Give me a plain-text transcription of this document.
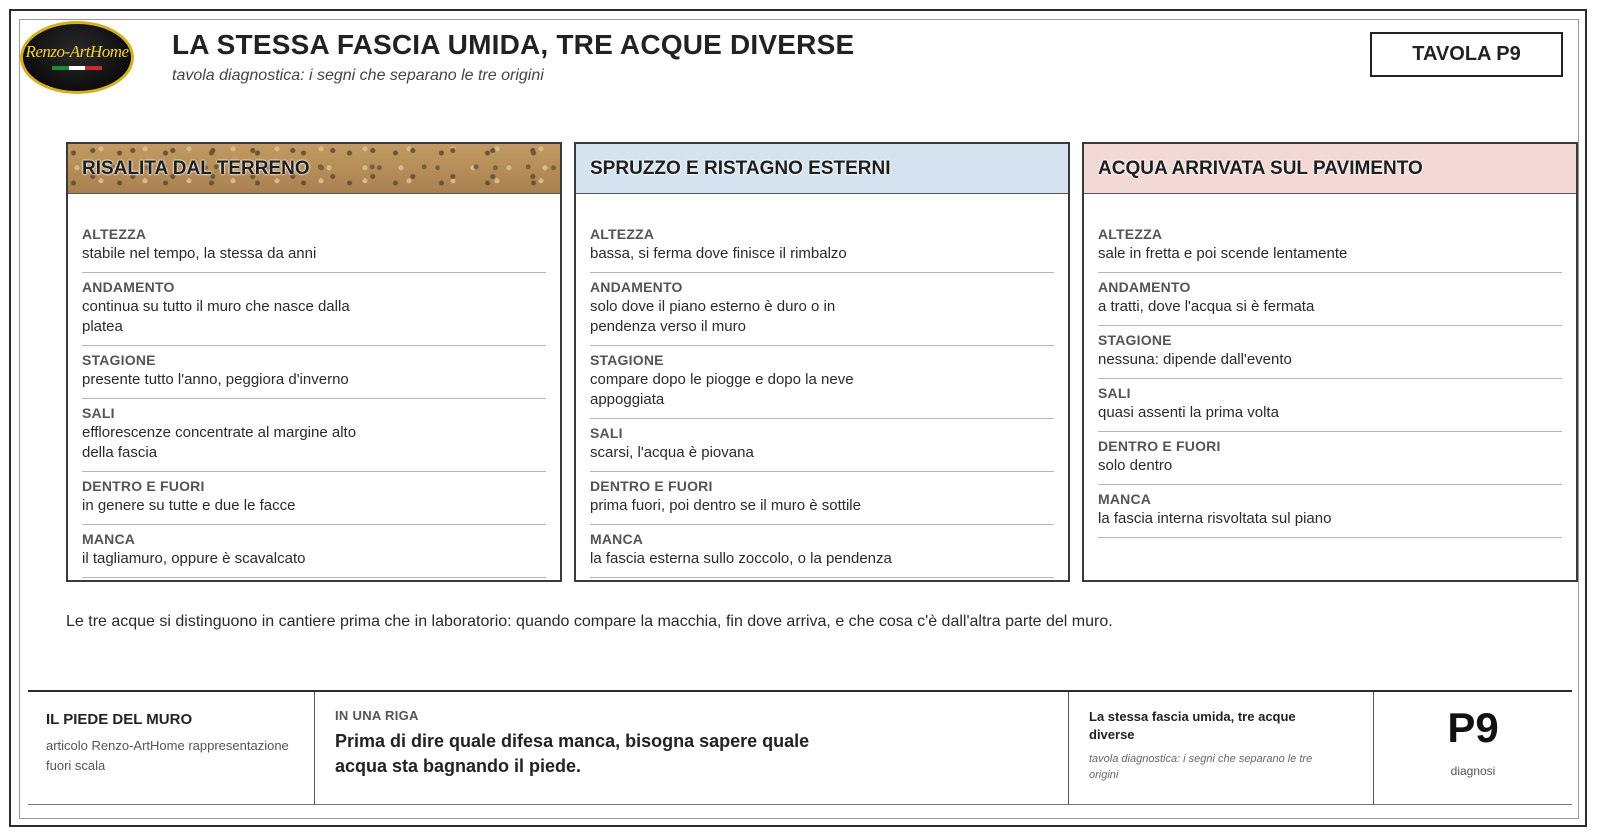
Renzo-ArtHome LA STESSA FASCIA UMIDA, TRE ACQUE DIVERSE
tavola diagnostica: i segni che separano le tre origini
TAVOLA P9
RISALITA DAL TERRENO
ALTEZZA
stabile nel tempo, la stessa da anni
ANDAMENTO
continua su tutto il muro che nasce dalla platea
STAGIONE
presente tutto l'anno, peggiora d'inverno
SALI
efflorescenze concentrate al margine alto della fascia
DENTRO E FUORI
in genere su tutte e due le facce
MANCA
il tagliamuro, oppure è scavalcato
SPRUZZO E RISTAGNO ESTERNI
ALTEZZA
bassa, si ferma dove finisce il rimbalzo
ANDAMENTO
solo dove il piano esterno è duro o in pendenza verso il muro
STAGIONE
compare dopo le piogge e dopo la neve appoggiata
SALI
scarsi, l'acqua è piovana
DENTRO E FUORI
prima fuori, poi dentro se il muro è sottile
MANCA
la fascia esterna sullo zoccolo, o la pendenza
ACQUA ARRIVATA SUL PAVIMENTO
ALTEZZA
sale in fretta e poi scende lentamente
ANDAMENTO
a tratti, dove l'acqua si è fermata
STAGIONE
nessuna: dipende dall'evento
SALI
quasi assenti la prima volta
DENTRO E FUORI
solo dentro
MANCA
la fascia interna risvoltata sul piano
Le tre acque si distinguono in cantiere prima che in laboratorio: quando compare la macchia, fin dove arriva, e che cosa c'è dall'altra parte del muro.
IL PIEDE DEL MURO
articolo Renzo-ArtHome rappresentazione fuori scala
IN UNA RIGA
Prima di dire quale difesa manca, bisogna sapere quale acqua sta bagnando il piede.
La stessa fascia umida, tre acque diverse
tavola diagnostica: i segni che separano le tre origini
P9
diagnosi
